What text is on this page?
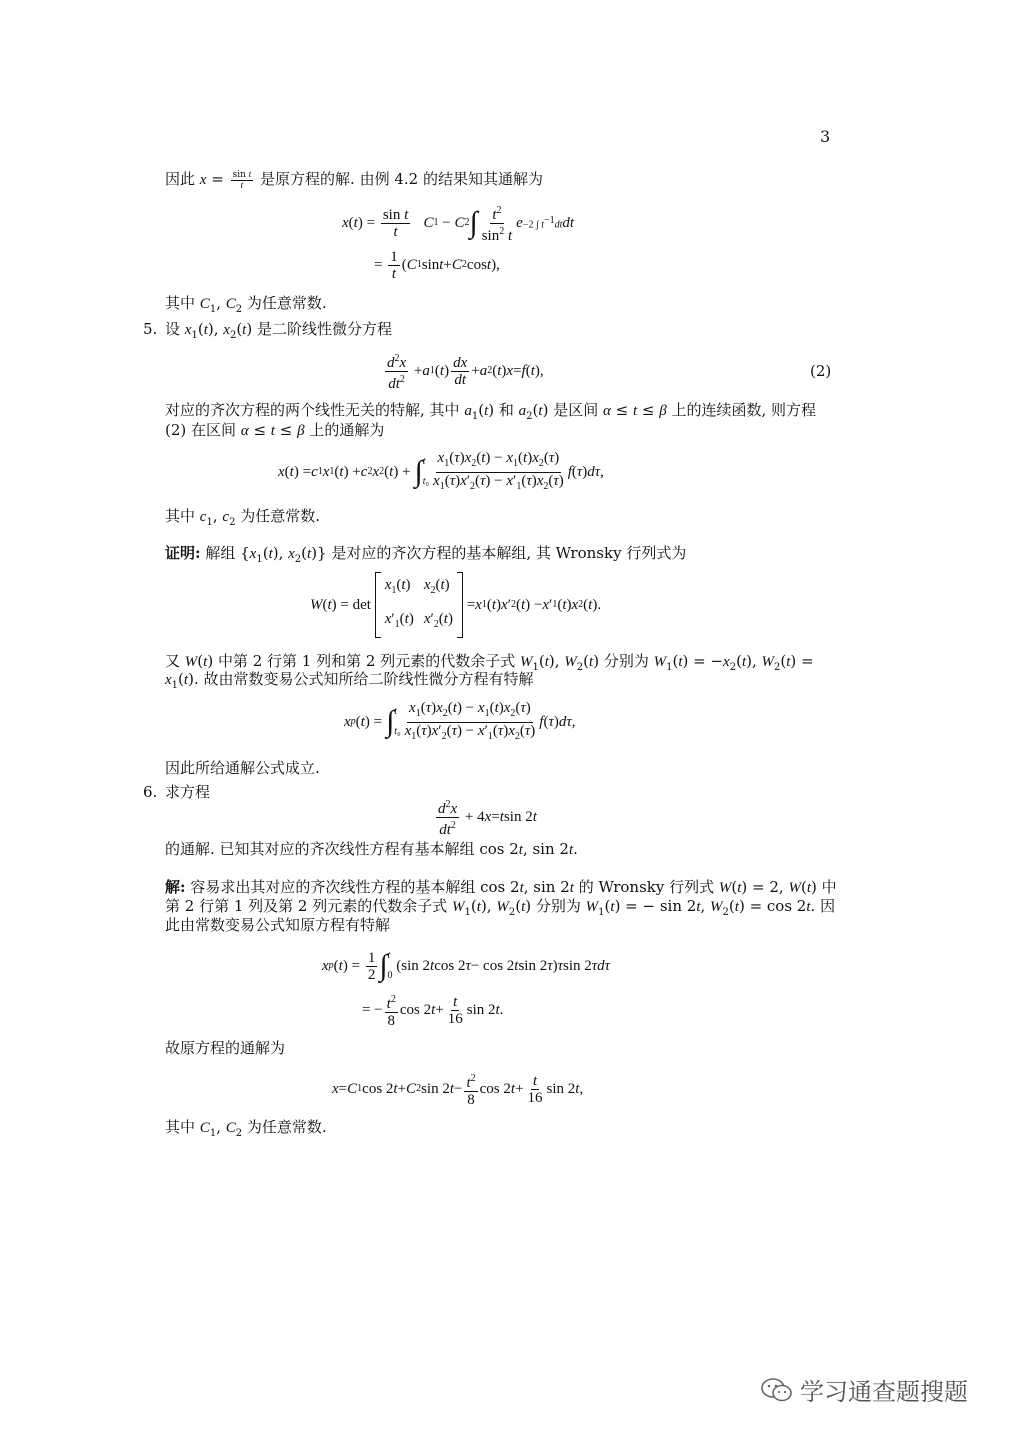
3
因此 $x = \frac{\text{sin t}}{t}$ 是原方程的解. 由例 4.2 的结果知其通解为
x ( t ) = $\frac{\text{sin t}}{t}$
C 1 − C 2 ∫ $\frac{t^2}{\sin^2 t}$ e −2 ∫ $t^{-1}dt$ dt
= $\frac{1}{t}$ ( C 1 sin t + C 2 cos t ),
其中 $C_1$, $C_2$ 为任意常数.
5. 设 $x_1(t)$, $x_2(t)$ 是二阶线性微分方程
$\frac{d^2x}{dt^2} + a$ 1 ( t ) $\frac{dx}{dt} + a$ 2 ( t ) x = f ( t ),	(2)
对应的齐次方程的两个线性无关的特解, 其中 $a_1(t)$ 和 $a_2(t)$ 是区间 α ≤ t ≤ β 上的连续函数, 则方程
(2) 在区间 α ≤ t ≤ β 上的通解为
x ( t ) = c 1 x 1 ( t ) + c 2 x 2 ( t ) + ∫ t
$t_0 \frac{x_1(\tau)x_2(t) - x_1(t)x_2(\tau)}{x_1(\tau)x'_2(\tau) - x'_1(\tau)x_2(\tau)}$ f ( τ ) dτ ,
其中 $c_1$, $c_2$ 为任意常数.
证明: 解组 {$x_1(t)$, $x_2(t)$} 是对应的齐次方程的基本解组, 其 Wronsky 行列式为
W ( t ) = det
$x_1(t)$ $x_2(t)$
$x'_1(t)$ $x'_2(t)$
= x 1 ( t ) x ′ 2 ( t ) − x ′ 1 ( t ) x 2 ( t ).
又 W(t) 中第 2 行第 1 列和第 2 列元素的代数余子式 $W_1(t)$, $W_2(t)$ 分别为 $W_1(t) = -x_2(t)$, $W_2(t)$ =
$x_1(t)$. 故由常数变易公式知所给二阶线性微分方程有特解
x p ( t ) = ∫ t
$t_0 \frac{x_1(\tau)x_2(t) - x_1(t)x_2(\tau)}{x_1(\tau)x'_2(\tau) - x'_1(\tau)x_2(\tau)}$ f ( τ ) dτ ,
因此所给通解公式成立.
6. 求方程
$\frac{d^2x}{dt^2} + 4$ x = t sin 2 t
的通解. 已知其对应的齐次线性方程有基本解组 cos 2t, sin 2t.
解: 容易求出其对应的齐次线性方程的基本解组 cos 2t, sin 2t 的 Wronsky 行列式 W(t) = 2, W(t) 中
第 2 行第 1 列及第 2 列元素的代数余子式 $W_1(t)$, $W_2(t)$ 分别为 $W_1(t)$ = − sin 2t, $W_2(t) = \cos 2t$. 因
此由常数变易公式知原方程有特解
x p ( t ) = $\frac{1}{2}$ ∫ t
0
(sin 2 t cos 2 τ − cos 2 t sin 2 τ ) τ sin 2 τdτ
= − $\frac{t^2}{8}$ cos 2 $t + \frac{t}{16}$ sin 2 t .
故原方程的通解为
x = C 1 cos 2 t + C 2 sin 2 $t - \frac{t^2}{8}$ cos 2 $t + \frac{t}{16}$ sin 2 t ,
其中 $C_1$, $C_2$ 为任意常数.
学习通查题搜题
